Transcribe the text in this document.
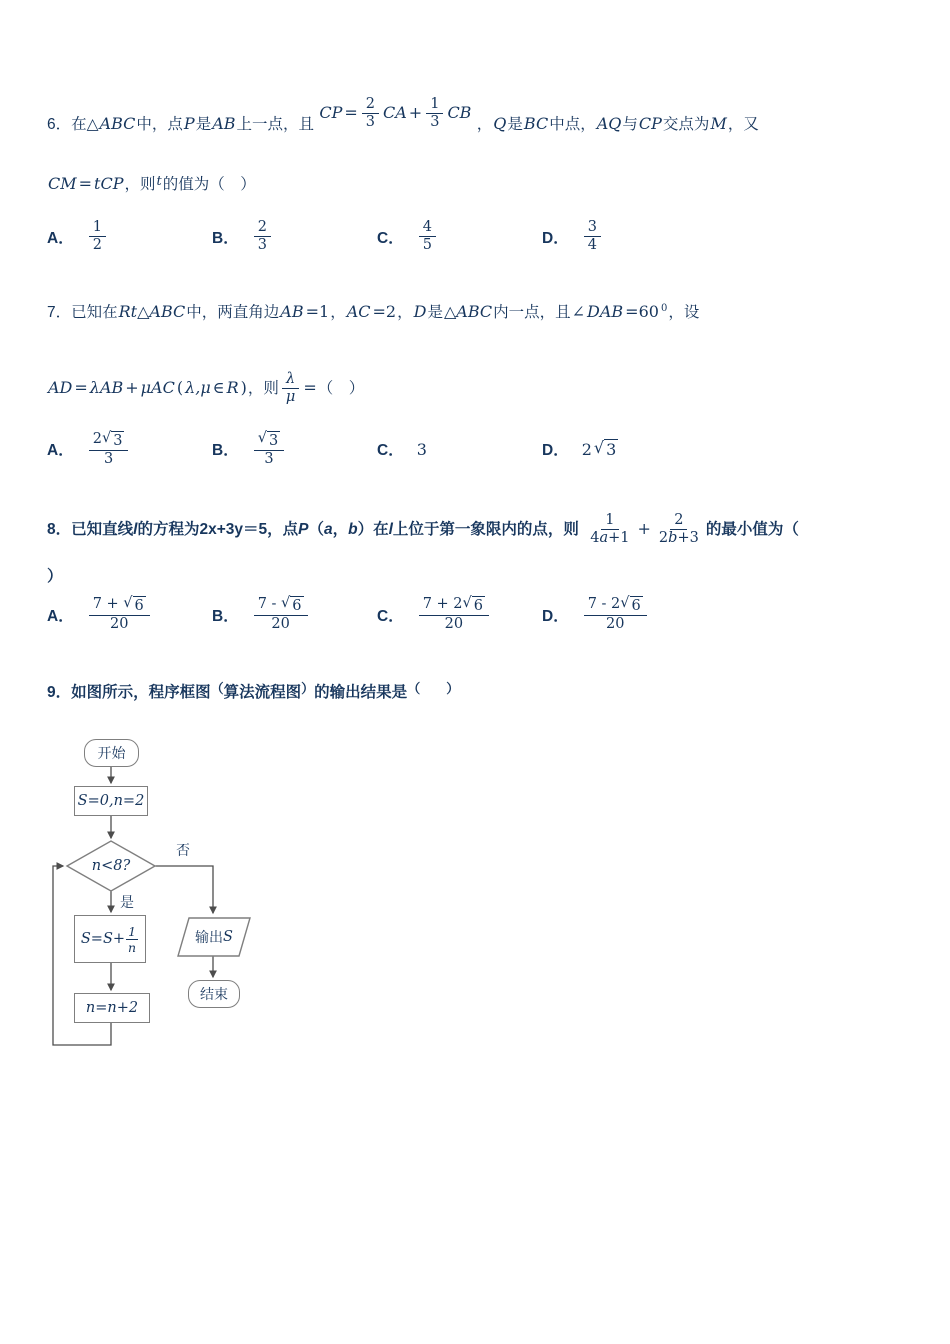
6．在△ABC中，点P是AB上一点，且 CP = $\frac{2}{3}$ CA + $\frac{1}{3}$ CB ，Q是BC中点，AQ与CP交点为M，又

CM = tCP，则$^t$的值为（　）

A． $\frac{1}{2}$	B． $\frac{2}{3}$	C． $\frac{4}{5}$	D． $\frac{3}{4}$

7．已知在Rt△ABC中，两直角边AB =1，AC =2，D是△ABC内一点，且∠ DAB =60 $^0$，设

AD = λAB + μAC ( λ,μ ∈ R )，则 $\frac{\lambda}{\mu}$ =（　）

A． $\frac{2 √ 3}{3}$	B． $\frac{√ 3}{3}$	C． 3	D． 2 √ 3

8．已知直线l的方程为2x+3y＝5，点P（a，b）在l上位于第一象限内的点，则 $\frac{1}{4 a +1} + \frac{2}{2 b +3}$ 的最小值为（

）

A． 7 +
√ 6
20	B． 7 -
√ 6
20	C． $\frac{7 + 2 √ 6}{20}$	D． $\frac{7 - 2 √ 6}{20}$

9．如图所示，程序框图（算法流程图）的输出结果是（　　）

开始
S=0,n=2
n<8?
否
是
$S=S+ \frac{1}{n}$	输出 S
n=n+2
结束
